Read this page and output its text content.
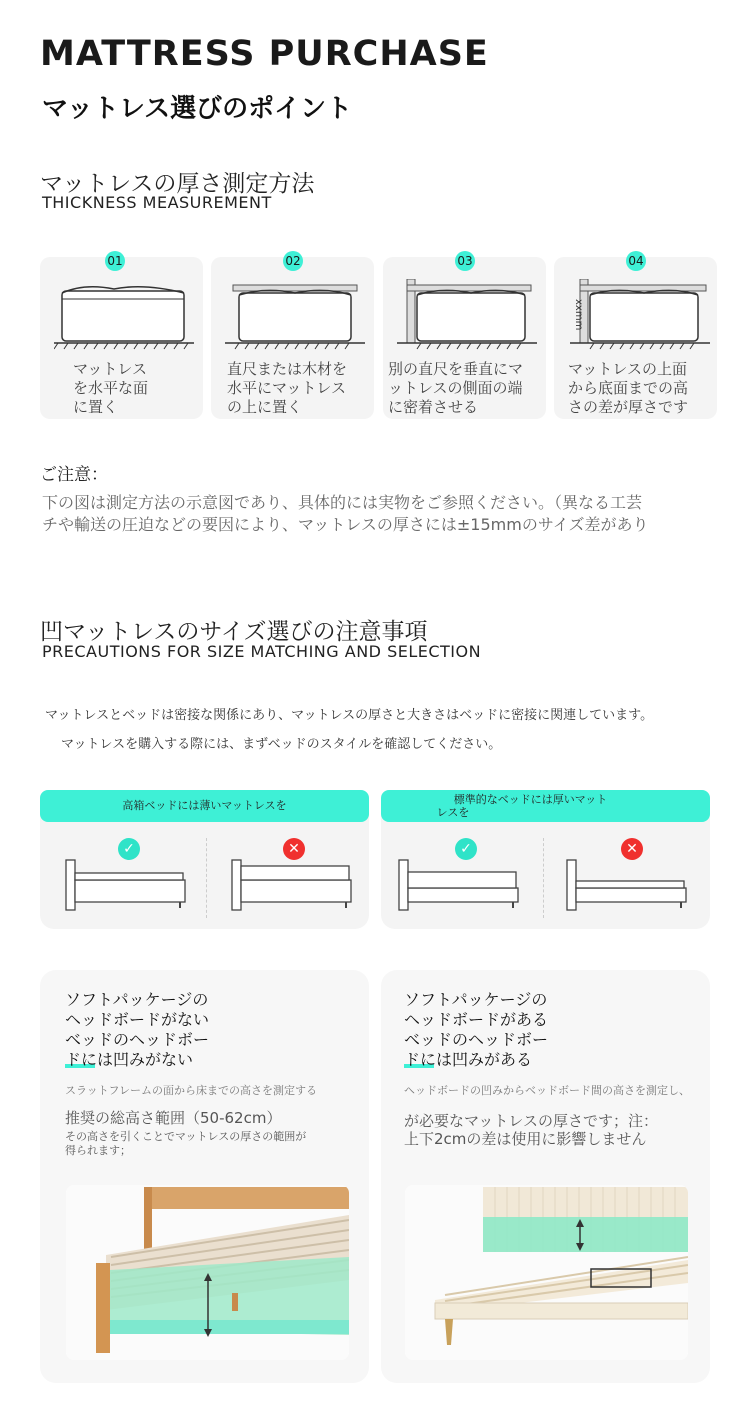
MATTRESS PURCHASE
マットレス選びのポイント
マットレスの厚さ測定方法
THICKNESS MEASUREMENT
01
マットレス
を水平な面
に置く
02
直尺または木材を
水平にマットレス
の上に置く
03
別の直尺を垂直にマ
ットレスの側面の端
に密着させる
04
xxmm
マットレスの上面
から底面までの高
さの差が厚さです
ご注意：
下の図は測定方法の示意図であり、具体的には実物をご参照ください。（異なる工芸
チや輸送の圧迫などの要因により、マットレスの厚さには±15mmのサイズ差があり
凹マットレスのサイズ選びの注意事項
PRECAUTIONS FOR SIZE MATCHING AND SELECTION
マットレスとベッドは密接な関係にあり、マットレスの厚さと大きさはベッドに密接に関連しています。
マットレスを購入する際には、まずベッドのスタイルを確認してください。
高箱ベッドには薄いマットレスを
✓	✕
標準的なベッドには厚いマット
レスを
✓	✕
ソフトパッケージの
ヘッドボードがない
ベッドのヘッドボー
ドには凹みがない
スラットフレームの面から床までの高さを測定する
推奨の総高さ範囲（50-62cm）
その高さを引くことでマットレスの厚さの範囲が
得られます；
ソフトパッケージの
ヘッドボードがある
ベッドのヘッドボー
ドには凹みがある
ヘッドボードの凹みからベッドボード間の高さを測定し、
が必要なマットレスの厚さです；注：
上下2cmの差は使用に影響しません
